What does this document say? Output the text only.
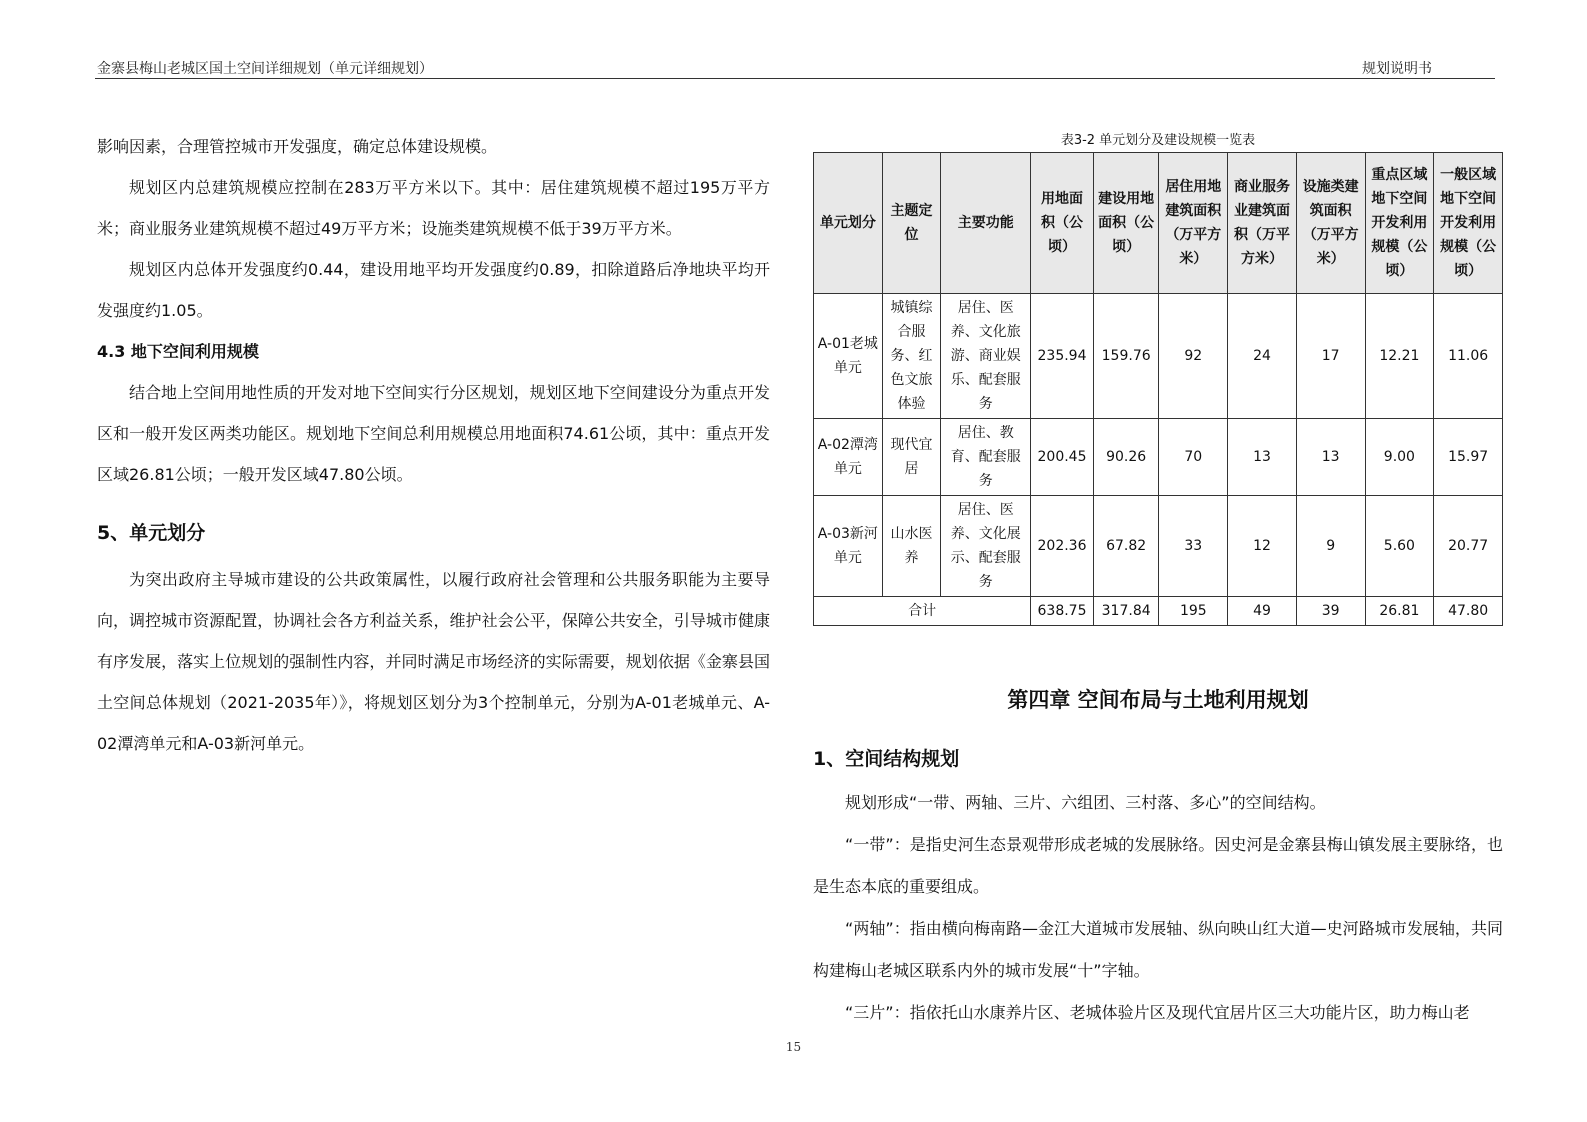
金寨县梅山老城区国土空间详细规划（单元详细规划）	规划说明书

影响因素，合理管控城市开发强度，确定总体建设规模。

规划区内总建筑规模应控制在283万平方米以下。其中：居住建筑规模不超过195万平方米；商业服务业建筑规模不超过49万平方米；设施类建筑规模不低于39万平方米。

规划区内总体开发强度约0.44，建设用地平均开发强度约0.89，扣除道路后净地块平均开发强度约1.05。

4.3 地下空间利用规模

结合地上空间用地性质的开发对地下空间实行分区规划，规划区地下空间建设分为重点开发区和一般开发区两类功能区。规划地下空间总利用规模总用地面积74.61公顷，其中：重点开发区域26.81公顷；一般开发区域47.80公顷。

5、单元划分

为突出政府主导城市建设的公共政策属性，以履行政府社会管理和公共服务职能为主要导向，调控城市资源配置，协调社会各方利益关系，维护社会公平，保障公共安全，引导城市健康有序发展，落实上位规划的强制性内容，并同时满足市场经济的实际需要，规划依据《金寨县国土空间总体规划（2021-2035年）》，将规划区划分为3个控制单元，分别为A-01老城单元、A-02潭湾单元和A-03新河单元。

表3-2 单元划分及建设规模一览表

单元划分	主题定位	主要功能	用地面积（公顷）	建设用地面积（公顷）	居住用地建筑面积（万平方米）	商业服务业建筑面积（万平方米）	设施类建筑面积（万平方米）	重点区域地下空间开发利用规模（公顷）	一般区域地下空间开发利用规模（公顷）
A-01老城单元	城镇综合服务、红色文旅体验	居住、医养、文化旅游、商业娱乐、配套服务	235.94	159.76	92	24	17	12.21	11.06
A-02潭湾单元	现代宜居	居住、教育、配套服务	200.45	90.26	70	13	13	9.00	15.97
A-03新河单元	山水医养	居住、医养、文化展示、配套服务	202.36	67.82	33	12	9	5.60	20.77
合计			638.75	317.84	195	49	39	26.81	47.80

第四章 空间布局与土地利用规划

1、空间结构规划

规划形成“一带、两轴、三片、六组团、三村落、多心”的空间结构。

“一带”：是指史河生态景观带形成老城的发展脉络。因史河是金寨县梅山镇发展主要脉络，也是生态本底的重要组成。

“两轴”：指由横向梅南路—金江大道城市发展轴、纵向映山红大道—史河路城市发展轴，共同构建梅山老城区联系内外的城市发展“十”字轴。

“三片”：指依托山水康养片区、老城体验片区及现代宜居片区三大功能片区，助力梅山老

15
